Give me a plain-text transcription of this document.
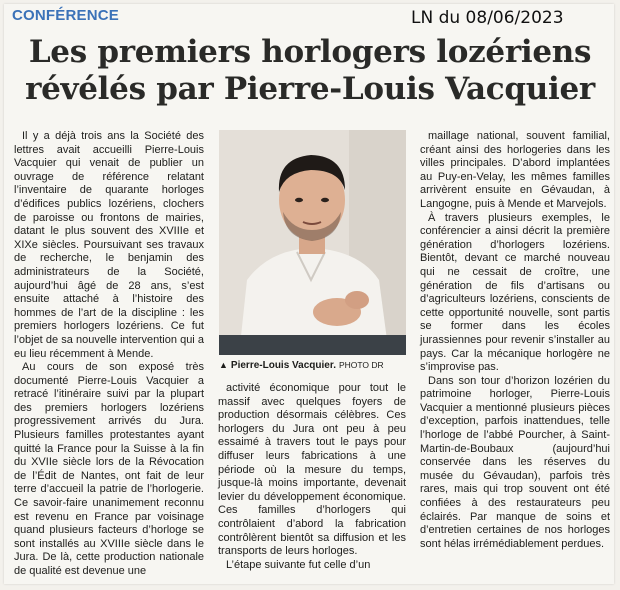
CONFÉRENCE	LN du 08/06/2023
Les premiers horlogers lozériens révélés par Pierre-Louis Vacquier

Il y a déjà trois ans la Société des lettres avait accueilli Pierre-Louis Vacquier qui venait de publier un ouvrage de référence relatant l’inventaire de quarante horloges d’édifices publics lozériens, clochers de paroisse ou frontons de mairies, datant le plus souvent des XVIIIe et XIXe siècles. Poursuivant ses travaux de recherche, le benjamin des administrateurs de la Société, aujourd’hui âgé de 28 ans, s’est ensuite attaché à l’histoire des hommes de l’art de la discipline : les premiers horlogers lozériens. Ce fut l’objet de sa nouvelle intervention qui a eu lieu récemment à Mende.

Au cours de son exposé très documenté Pierre-Louis Vacquier a retracé l’itinéraire suivi par la plupart des premiers horlogers lozériens progressivement arrivés du Jura. Plusieurs familles protestantes ayant quitté la France pour la Suisse à la fin du XVIIe siècle lors de la Révocation de l’Édit de Nantes, ont fait de leur terre d’accueil la patrie de l’horlogerie. Ce savoir-faire unanimement reconnu est revenu en France par voisinage quand plusieurs facteurs d’horloge se sont installés au XVIIIe siècle dans le Jura. De là, cette production nationale de qualité est devenue une

▲ Pierre-Louis Vacquier. PHOTO DR

activité économique pour tout le massif avec quelques foyers de production désormais célèbres. Ces horlogers du Jura ont peu à peu essaimé à travers tout le pays pour diffuser leurs fabrications à une période où la mesure du temps, jusque-là moins importante, devenait levier du développement économique. Ces familles d’horlogers qui contrôlaient d’abord la fabrication contrôlèrent bientôt sa diffusion et les transports de leurs horloges.

L’étape suivante fut celle d’un

maillage national, souvent familial, créant ainsi des horlogeries dans les villes principales. D’abord implantées au Puy-en-Velay, les mêmes familles arrivèrent ensuite en Gévaudan, à Langogne, puis à Mende et Marvejols.

À travers plusieurs exemples, le conférencier a ainsi décrit la première génération d’horlogers lozériens. Bientôt, devant ce marché nouveau qui ne cessait de croître, une génération de fils d’artisans ou d’agriculteurs lozériens, conscients de cette opportunité nouvelle, sont partis se former dans les écoles jurassiennes pour revenir s’installer au pays. Car la mécanique horlogère ne s’improvise pas.

Dans son tour d’horizon lozérien du patrimoine horloger, Pierre-Louis Vacquier a mentionné plusieurs pièces d’exception, parfois inattendues, telle l’horloge de l’abbé Pourcher, à Saint-Martin-de-Boubaux (aujourd’hui conservée dans les réserves du musée du Gévaudan), parfois très rares, mais qui trop souvent ont été confiées à des restaurateurs peu éclairés. Par manque de soins et d’entretien certaines de nos horloges sont hélas irrémédiablement perdues.
